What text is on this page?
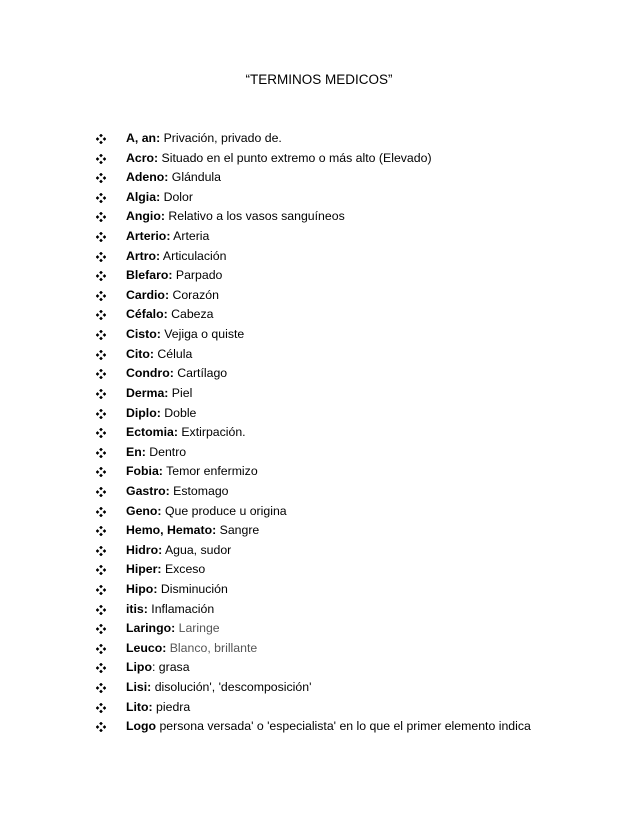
“TERMINOS MEDICOS”
A, an: Privación, privado de.
Acro: Situado en el punto extremo o más alto (Elevado)
Adeno: Glándula
Algia: Dolor
Angio: Relativo a los vasos sanguíneos
Arterio: Arteria
Artro: Articulación
Blefaro: Parpado
Cardio: Corazón
Céfalo: Cabeza
Cisto: Vejiga o quiste
Cito: Célula
Condro: Cartílago
Derma: Piel
Diplo: Doble
Ectomia: Extirpación.
En: Dentro
Fobia: Temor enfermizo
Gastro: Estomago
Geno: Que produce u origina
Hemo, Hemato: Sangre
Hidro: Agua, sudor
Hiper: Exceso
Hipo: Disminución
itis: Inflamación
Laringo: Laringe
Leuco: Blanco, brillante
Lipo: grasa
Lisi: disolución', 'descomposición'
Lito: piedra
Logo persona versada' o 'especialista' en lo que el primer elemento indica
